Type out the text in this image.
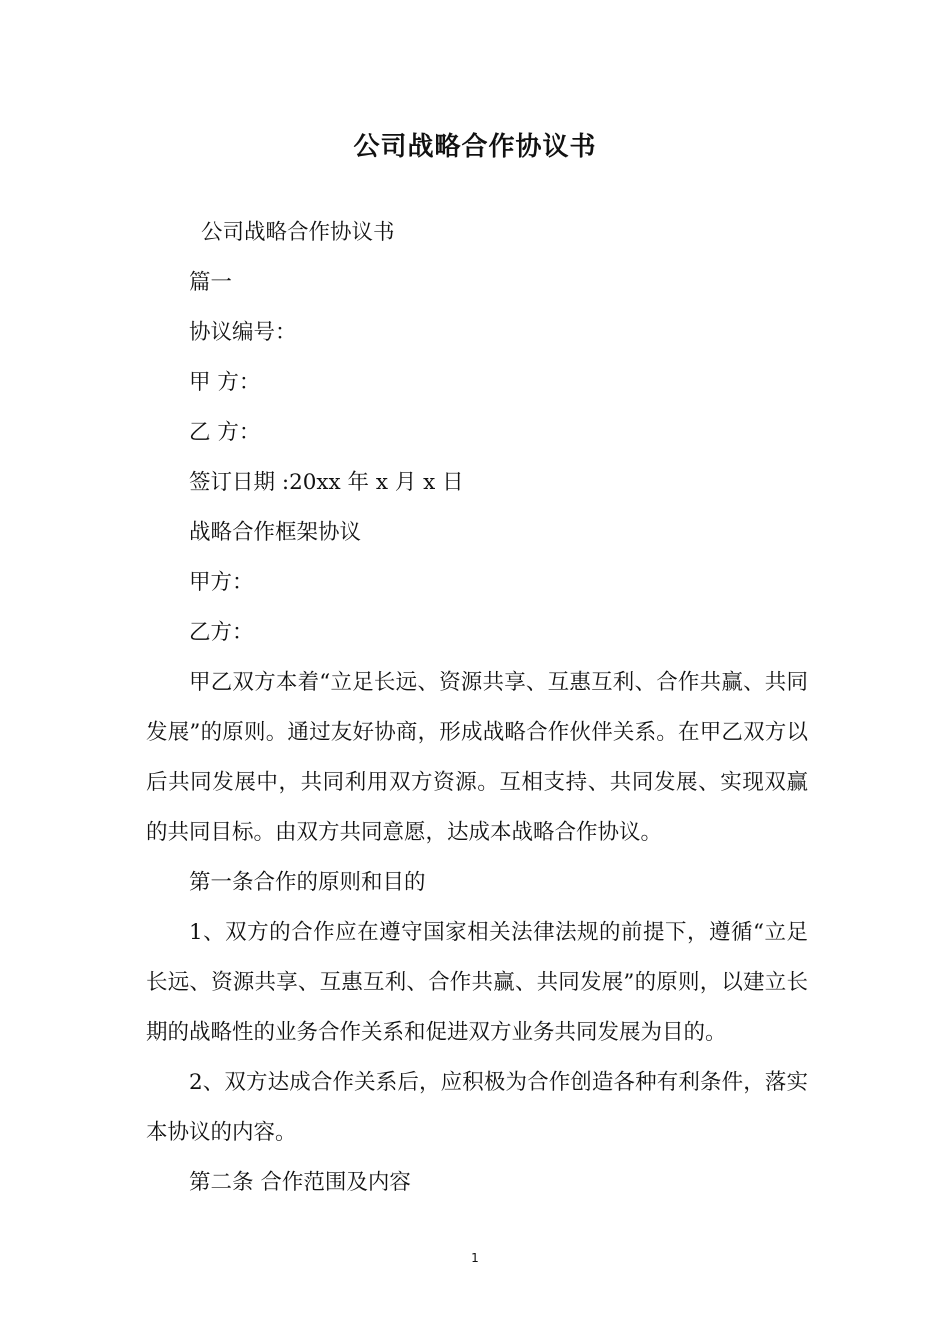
公司战略合作协议书

公司战略合作协议书

篇一

协议编号：

甲 方：

乙 方：

签订日期 :20xx 年 x 月 x 日

战略合作框架协议

甲方：

乙方：

甲乙双方本着“立足长远、资源共享、互惠互利、合作共赢、共同发展”的原则。通过友好协商，形成战略合作伙伴关系。在甲乙双方以后共同发展中，共同利用双方资源。互相支持、共同发展、实现双赢的共同目标。由双方共同意愿，达成本战略合作协议。

第一条合作的原则和目的

1、双方的合作应在遵守国家相关法律法规的前提下，遵循“立足长远、资源共享、互惠互利、合作共赢、共同发展”的原则，以建立长期的战略性的业务合作关系和促进双方业务共同发展为目的。

2、双方达成合作关系后，应积极为合作创造各种有利条件，落实本协议的内容。

第二条 合作范围及内容

1
